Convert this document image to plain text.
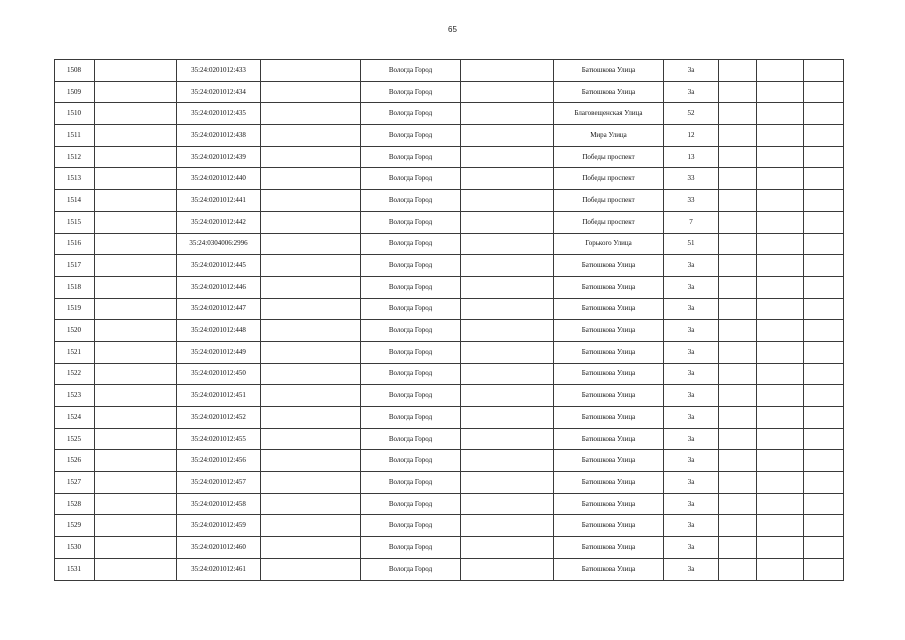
65
1508		35:24:0201012:433		Вологда Город		Батюшкова Улица	3а			
1509		35:24:0201012:434		Вологда Город		Батюшкова Улица	3а			
1510		35:24:0201012:435		Вологда Город		Благовещенская Улица	52			
1511		35:24:0201012:438		Вологда Город		Мира Улица	12			
1512		35:24:0201012:439		Вологда Город		Победы проспект	13			
1513		35:24:0201012:440		Вологда Город		Победы проспект	33			
1514		35:24:0201012:441		Вологда Город		Победы проспект	33			
1515		35:24:0201012:442		Вологда Город		Победы проспект	7			
1516		35:24:0304006:2996		Вологда Город		Горького Улица	51			
1517		35:24:0201012:445		Вологда Город		Батюшкова Улица	3а			
1518		35:24:0201012:446		Вологда Город		Батюшкова Улица	3а			
1519		35:24:0201012:447		Вологда Город		Батюшкова Улица	3а			
1520		35:24:0201012:448		Вологда Город		Батюшкова Улица	3а			
1521		35:24:0201012:449		Вологда Город		Батюшкова Улица	3а			
1522		35:24:0201012:450		Вологда Город		Батюшкова Улица	3а			
1523		35:24:0201012:451		Вологда Город		Батюшкова Улица	3а			
1524		35:24:0201012:452		Вологда Город		Батюшкова Улица	3а			
1525		35:24:0201012:455		Вологда Город		Батюшкова Улица	3а			
1526		35:24:0201012:456		Вологда Город		Батюшкова Улица	3а			
1527		35:24:0201012:457		Вологда Город		Батюшкова Улица	3а			
1528		35:24:0201012:458		Вологда Город		Батюшкова Улица	3а			
1529		35:24:0201012:459		Вологда Город		Батюшкова Улица	3а			
1530		35:24:0201012:460		Вологда Город		Батюшкова Улица	3а			
1531		35:24:0201012:461		Вологда Город		Батюшкова Улица	3а			
